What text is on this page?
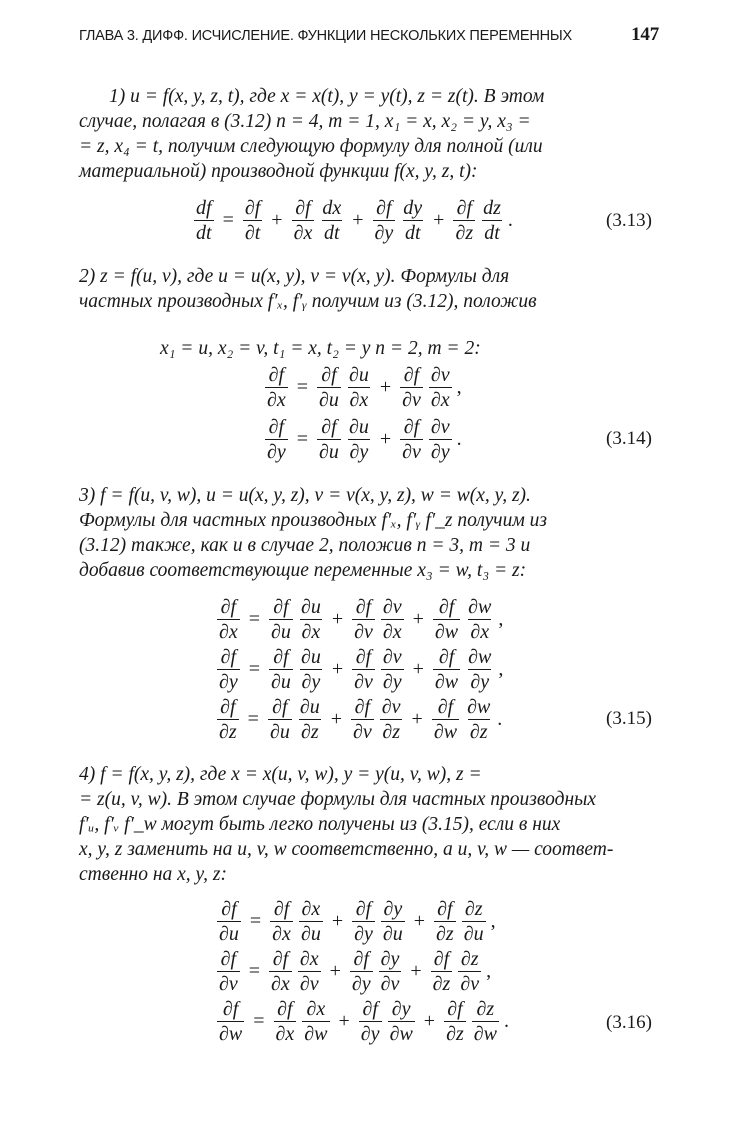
ГЛАВА 3. ДИФФ. ИСЧИСЛЕНИЕ. ФУНКЦИИ НЕСКОЛЬКИХ ПЕРЕМЕННЫХ	147
1) u = f(x, y, z, t), где x = x(t), y = y(t), z = z(t). В этом
случае, полагая в (3.12) n = 4, m = 1, x₁ = x, x₂ = y, x₃ =
= z, x₄ = t, получим следующую формулу для полной (или
материальной) производной функции f(x, y, z, t):
$\frac{df}{dt} = \frac{\partial f}{\partial t} + \frac{\partial f}{\partial x} \frac{dx}{dt} + \frac{\partial f}{\partial y} \frac{dy}{dt} + \frac{\partial f}{\partial z} \frac{dz}{dt}$ .	(3.13)
2) z = f(u, v), где u = u(x, y), v = v(x, y). Формулы для
частных производных f′ₓ, f′ᵧ получим из (3.12), положив
x₁ = u, x₂ = v, t₁ = x, t₂ = y n = 2, m = 2:
$\frac{\partial f}{\partial x} = \frac{\partial f}{\partial u} \frac{\partial u}{\partial x} + \frac{\partial f}{\partial v} \frac{\partial v}{\partial x}$ ,
$\frac{\partial f}{\partial y} = \frac{\partial f}{\partial u} \frac{\partial u}{\partial y} + \frac{\partial f}{\partial v} \frac{\partial v}{\partial y}$ .	(3.14)
3) f = f(u, v, w), u = u(x, y, z), v = v(x, y, z), w = w(x, y, z).
Формулы для частных производных f′ₓ, f′ᵧ f′_z получим из
(3.12) также, как и в случае 2, положив n = 3, m = 3 и
добавив соответствующие переменные x₃ = w, t₃ = z:
$\frac{\partial f}{\partial x} = \frac{\partial f}{\partial u} \frac{\partial u}{\partial x} + \frac{\partial f}{\partial v} \frac{\partial v}{\partial x} + \frac{\partial f}{\partial w} \frac{\partial w}{\partial x}$ ,
$\frac{\partial f}{\partial y} = \frac{\partial f}{\partial u} \frac{\partial u}{\partial y} + \frac{\partial f}{\partial v} \frac{\partial v}{\partial y} + \frac{\partial f}{\partial w} \frac{\partial w}{\partial y}$ ,
$\frac{\partial f}{\partial z} = \frac{\partial f}{\partial u} \frac{\partial u}{\partial z} + \frac{\partial f}{\partial v} \frac{\partial v}{\partial z} + \frac{\partial f}{\partial w} \frac{\partial w}{\partial z}$ .	(3.15)
4) f = f(x, y, z), где x = x(u, v, w), y = y(u, v, w), z =
= z(u, v, w). В этом случае формулы для частных производных
f′ᵤ, f′ᵥ f′_w могут быть легко получены из (3.15), если в них
x, y, z заменить на u, v, w соответственно, а u, v, w — соответ-
ственно на x, y, z:
$\frac{\partial f}{\partial u} = \frac{\partial f}{\partial x} \frac{\partial x}{\partial u} + \frac{\partial f}{\partial y} \frac{\partial y}{\partial u} + \frac{\partial f}{\partial z} \frac{\partial z}{\partial u}$ ,
$\frac{\partial f}{\partial v} = \frac{\partial f}{\partial x} \frac{\partial x}{\partial v} + \frac{\partial f}{\partial y} \frac{\partial y}{\partial v} + \frac{\partial f}{\partial z} \frac{\partial z}{\partial v}$ ,
$\frac{\partial f}{\partial w} = \frac{\partial f}{\partial x} \frac{\partial x}{\partial w} + \frac{\partial f}{\partial y} \frac{\partial y}{\partial w} + \frac{\partial f}{\partial z} \frac{\partial z}{\partial w}$ .	(3.16)
